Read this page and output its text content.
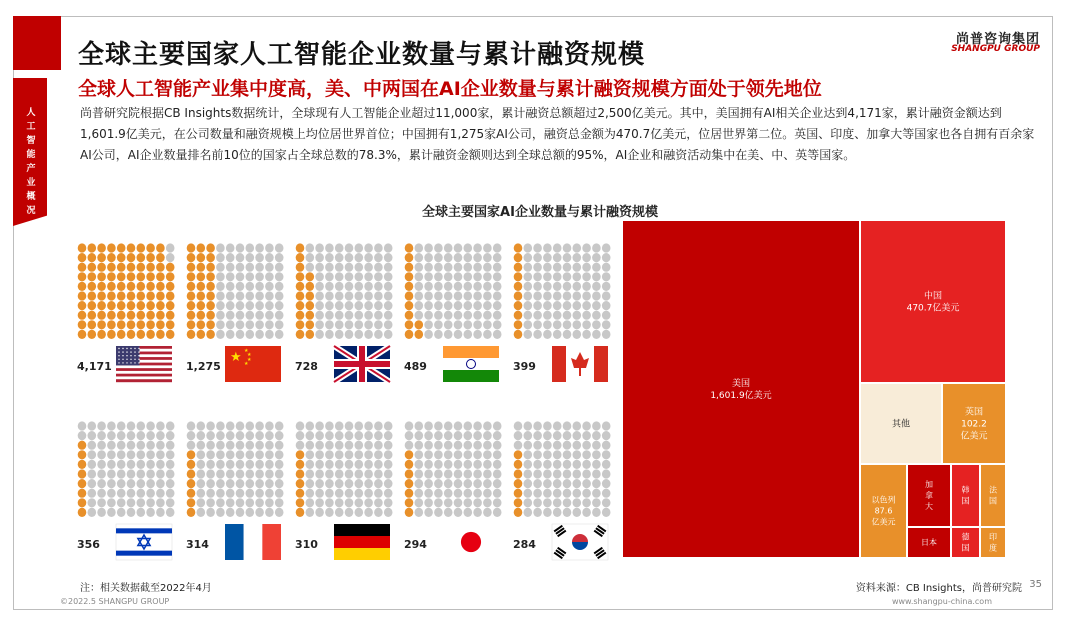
人工智能产业概况
全球主要国家人工智能企业数量与累计融资规模
全球人工智能产业集中度高，美、中两国在AI企业数量与累计融资规模方面处于领先地位
尚普咨询集团
SHANGPU GROUP
尚普研究院根据CB Insights数据统计，全球现有人工智能企业超过11,000家，累计融资总额超过2,500亿美元。其中，美国拥有AI相关企业达到4,171家，累计融资金额达到1,601.9亿美元，在公司数量和融资规模上均位居世界首位；中国拥有1,275家AI公司，融资总金额为470.7亿美元，位居世界第二位。英国、印度、加拿大等国家也各自拥有百余家AI公司，AI企业数量排名前10位的国家占全球总数的78.3%，累计融资金额则达到全球总额的95%，AI企业和融资活动集中在美、中、英等国家。
全球主要国家AI企业数量与累计融资规模
4,171	1,275
★ ★
★
★
★	728	489	399
356	314	310	294	284
美国
1,601.9亿美元
中国
470.7亿美元
其他
英国
102.2
亿美元
以色列
87.6
亿美元
加
拿
大
韩
国
法
国
日本
德
国
印
度
注：相关数据截至2022年4月	资料来源：CB Insights，尚普研究院 35
©2022.5 SHANGPU GROUP	www.shangpu-china.com
